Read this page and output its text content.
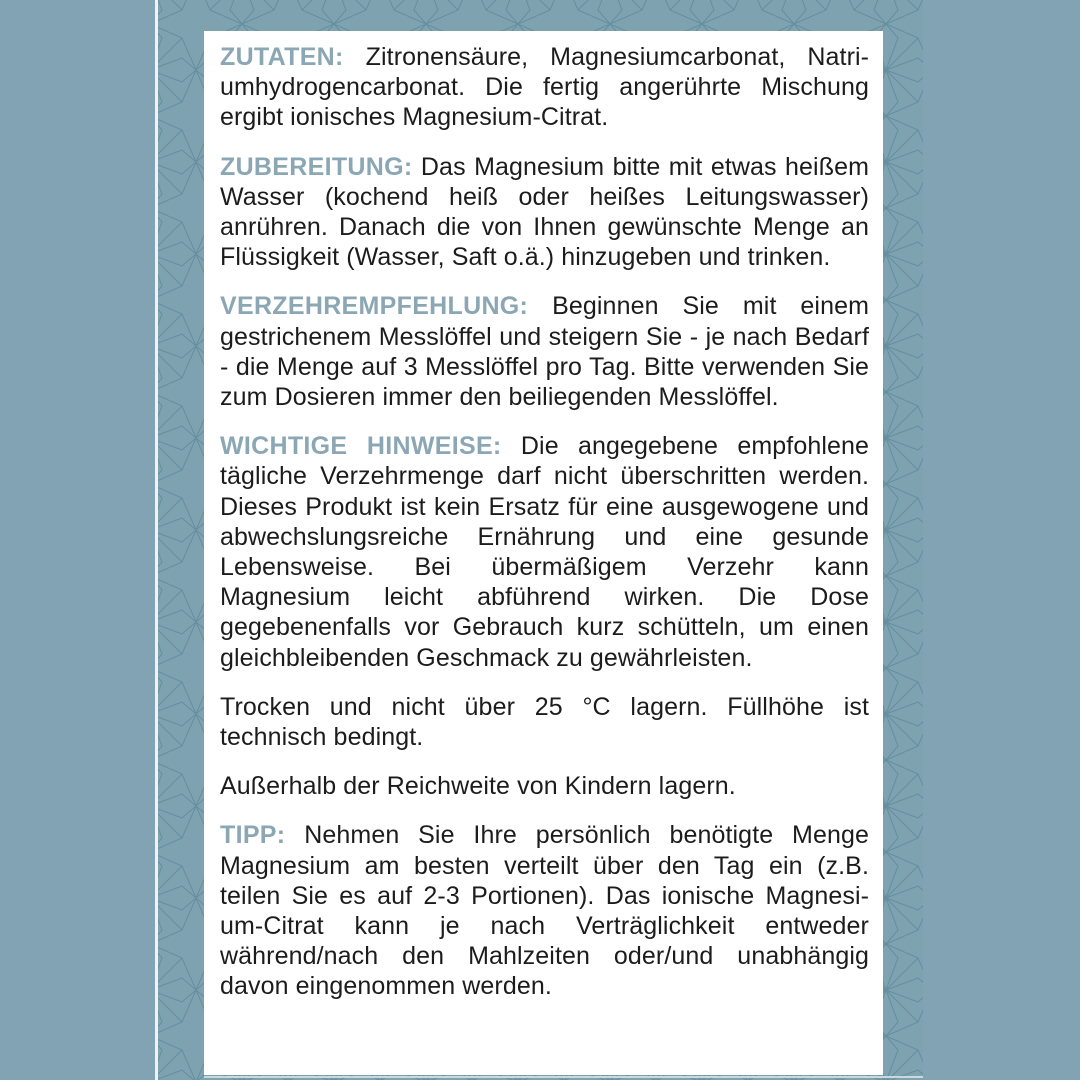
ZUTATEN: Zitronensäure, Magnesiumcarbonat, Natriumhydrogencarbonat. Die fertig angerührte Mischung ergibt ionisches Magnesium-Citrat.

ZUBEREITUNG: Das Magnesium bitte mit etwas heißem Wasser (kochend heiß oder heißes Leitungswasser) anrühren. Danach die von Ihnen gewünschte Menge an Flüssigkeit (Wasser, Saft o.ä.) hinzugeben und trinken.

VERZEHREMPFEHLUNG: Beginnen Sie mit einem gestrichenem Messlöffel und steigern Sie - je nach Bedarf - die Menge auf 3 Messlöffel pro Tag. Bitte verwenden Sie zum Dosieren immer den beiliegenden Messlöffel.

WICHTIGE HINWEISE: Die angegebene empfohlene tägliche Verzehrmenge darf nicht überschritten werden. Dieses Produkt ist kein Ersatz für eine ausgewogene und abwechslungsreiche Ernährung und eine gesunde Lebensweise. Bei übermäßigem Verzehr kann Magnesium leicht abführend wirken. Die Dose gegebenenfalls vor Gebrauch kurz schütteln, um einen gleichbleibenden Geschmack zu gewährleisten.

Trocken und nicht über 25 °C lagern. Füllhöhe ist technisch bedingt.

Außerhalb der Reichweite von Kindern lagern.

TIPP: Nehmen Sie Ihre persönlich benötigte Menge Magnesium am besten verteilt über den Tag ein (z.B. teilen Sie es auf 2-3 Portionen). Das ionische Magnesium-Citrat kann je nach Verträglichkeit entweder während/nach den Mahlzeiten oder/und unabhängig davon eingenommen werden.
